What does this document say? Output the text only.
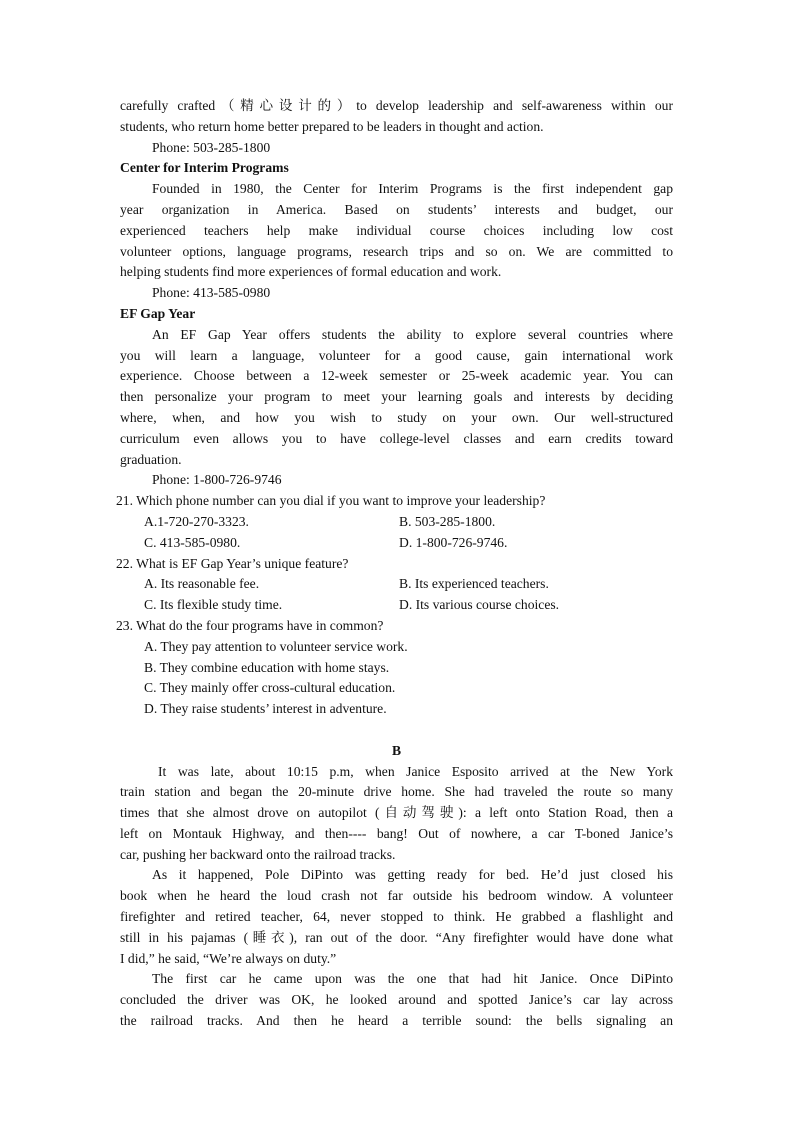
carefully crafted（精心设计的）to develop leadership and self-awareness within our
students, who return home better prepared to be leaders in thought and action.
Phone: 503-285-1800
Center for Interim Programs
Founded in 1980, the Center for Interim Programs is the first independent gap
year organization in America. Based on students’ interests and budget, our
experienced teachers help make individual course choices including low cost
volunteer options, language programs, research trips and so on. We are committed to
helping students find more experiences of formal education and work.
Phone: 413-585-0980
EF Gap Year
An EF Gap Year offers students the ability to explore several countries where
you will learn a language, volunteer for a good cause, gain international work
experience. Choose between a 12-week semester or 25-week academic year. You can
then personalize your program to meet your learning goals and interests by deciding
where, when, and how you wish to study on your own. Our well-structured
curriculum even allows you to have college-level classes and earn credits toward
graduation.
Phone: 1-800-726-9746
21. Which phone number can you dial if you want to improve your leadership?
A.1-720-270-3323.	B. 503-285-1800.
C. 413-585-0980.	D. 1-800-726-9746.
22. What is EF Gap Year’s unique feature?
A. Its reasonable fee.	B. Its experienced teachers.
C. Its flexible study time.	D. Its various course choices.
23. What do the four programs have in common?
A. They pay attention to volunteer service work.
B. They combine education with home stays.
C. They mainly offer cross-cultural education.
D. They raise students’ interest in adventure.
B
It was late, about 10:15 p.m, when Janice Esposito arrived at the New York
train station and began the 20-minute drive home. She had traveled the route so many
times that she almost drove on autopilot (自动驾驶): a left onto Station Road, then a
left on Montauk Highway, and then---- bang! Out of nowhere, a car T-boned Janice’s
car, pushing her backward onto the railroad tracks.
As it happened, Pole DiPinto was getting ready for bed. He’d just closed his
book when he heard the loud crash not far outside his bedroom window. A volunteer
firefighter and retired teacher, 64, never stopped to think. He grabbed a flashlight and
still in his pajamas (睡衣), ran out of the door. “Any firefighter would have done what
I did,” he said, “We’re always on duty.”
The first car he came upon was the one that had hit Janice. Once DiPinto
concluded the driver was OK, he looked around and spotted Janice’s car lay across
the railroad tracks. And then he heard a terrible sound: the bells signaling an
